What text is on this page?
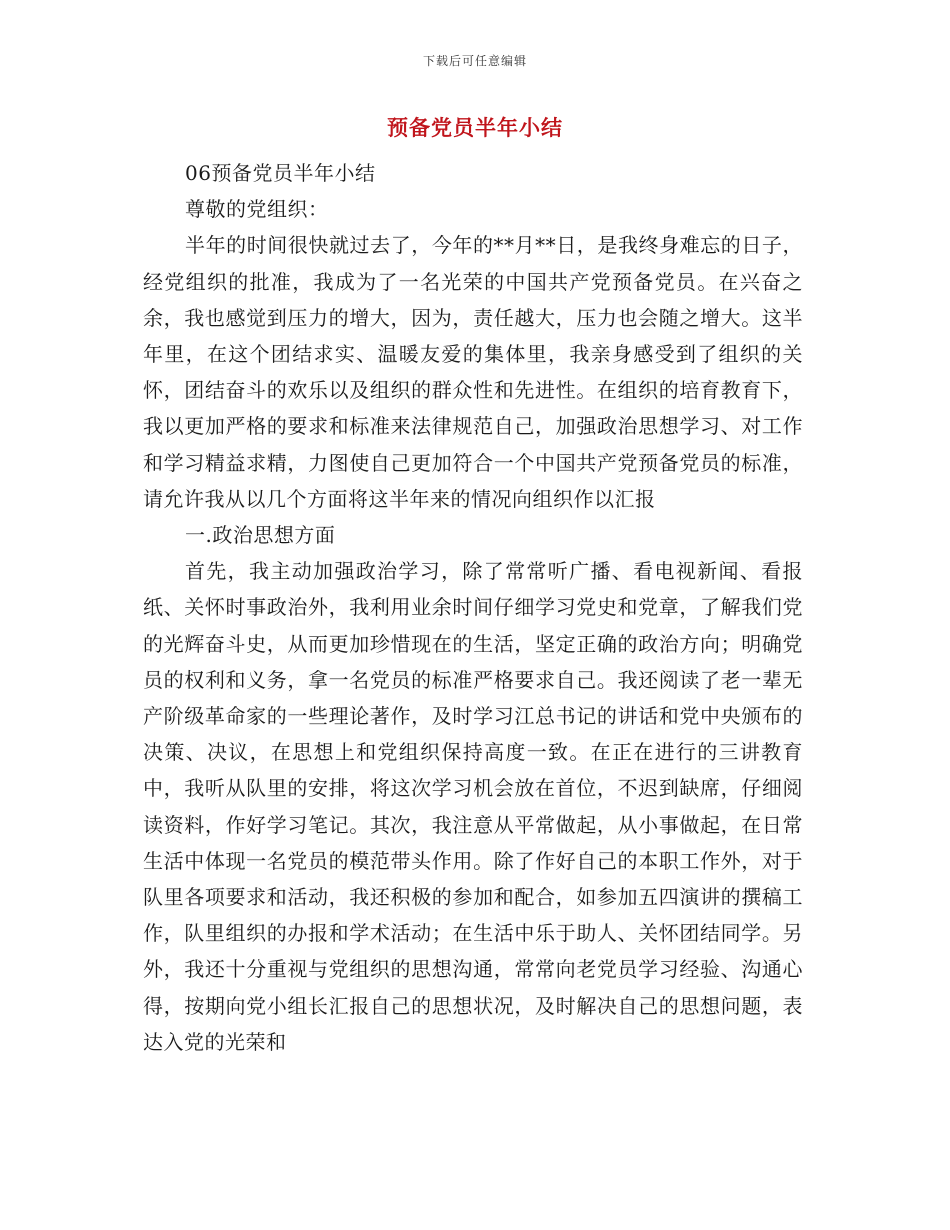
下载后可任意编辑
预备党员半年小结

06预备党员半年小结

尊敬的党组织：

半年的时间很快就过去了，今年的**月**日，是我终身难忘的日子，经党组织的批准，我成为了一名光荣的中国共产党预备党员。在兴奋之余，我也感觉到压力的增大，因为，责任越大，压力也会随之增大。这半年里，在这个团结求实、温暖友爱的集体里，我亲身感受到了组织的关怀，团结奋斗的欢乐以及组织的群众性和先进性。在组织的培育教育下，我以更加严格的要求和标准来法律规范自己，加强政治思想学习、对工作和学习精益求精，力图使自己更加符合一个中国共产党预备党员的标准，请允许我从以几个方面将这半年来的情况向组织作以汇报

一.政治思想方面

首先，我主动加强政治学习，除了常常听广播、看电视新闻、看报纸、关怀时事政治外，我利用业余时间仔细学习党史和党章，了解我们党的光辉奋斗史，从而更加珍惜现在的生活，坚定正确的政治方向；明确党员的权利和义务，拿一名党员的标准严格要求自己。我还阅读了老一辈无产阶级革命家的一些理论著作，及时学习江总书记的讲话和党中央颁布的决策、决议，在思想上和党组织保持高度一致。在正在进行的三讲教育中，我听从队里的安排，将这次学习机会放在首位，不迟到缺席，仔细阅读资料，作好学习笔记。其次，我注意从平常做起，从小事做起，在日常生活中体现一名党员的模范带头作用。除了作好自己的本职工作外，对于队里各项要求和活动，我还积极的参加和配合，如参加五四演讲的撰稿工作，队里组织的办报和学术活动；在生活中乐于助人、关怀团结同学。另外，我还十分重视与党组织的思想沟通，常常向老党员学习经验、沟通心得，按期向党小组长汇报自己的思想状况，及时解决自己的思想问题，表达入党的光荣和
